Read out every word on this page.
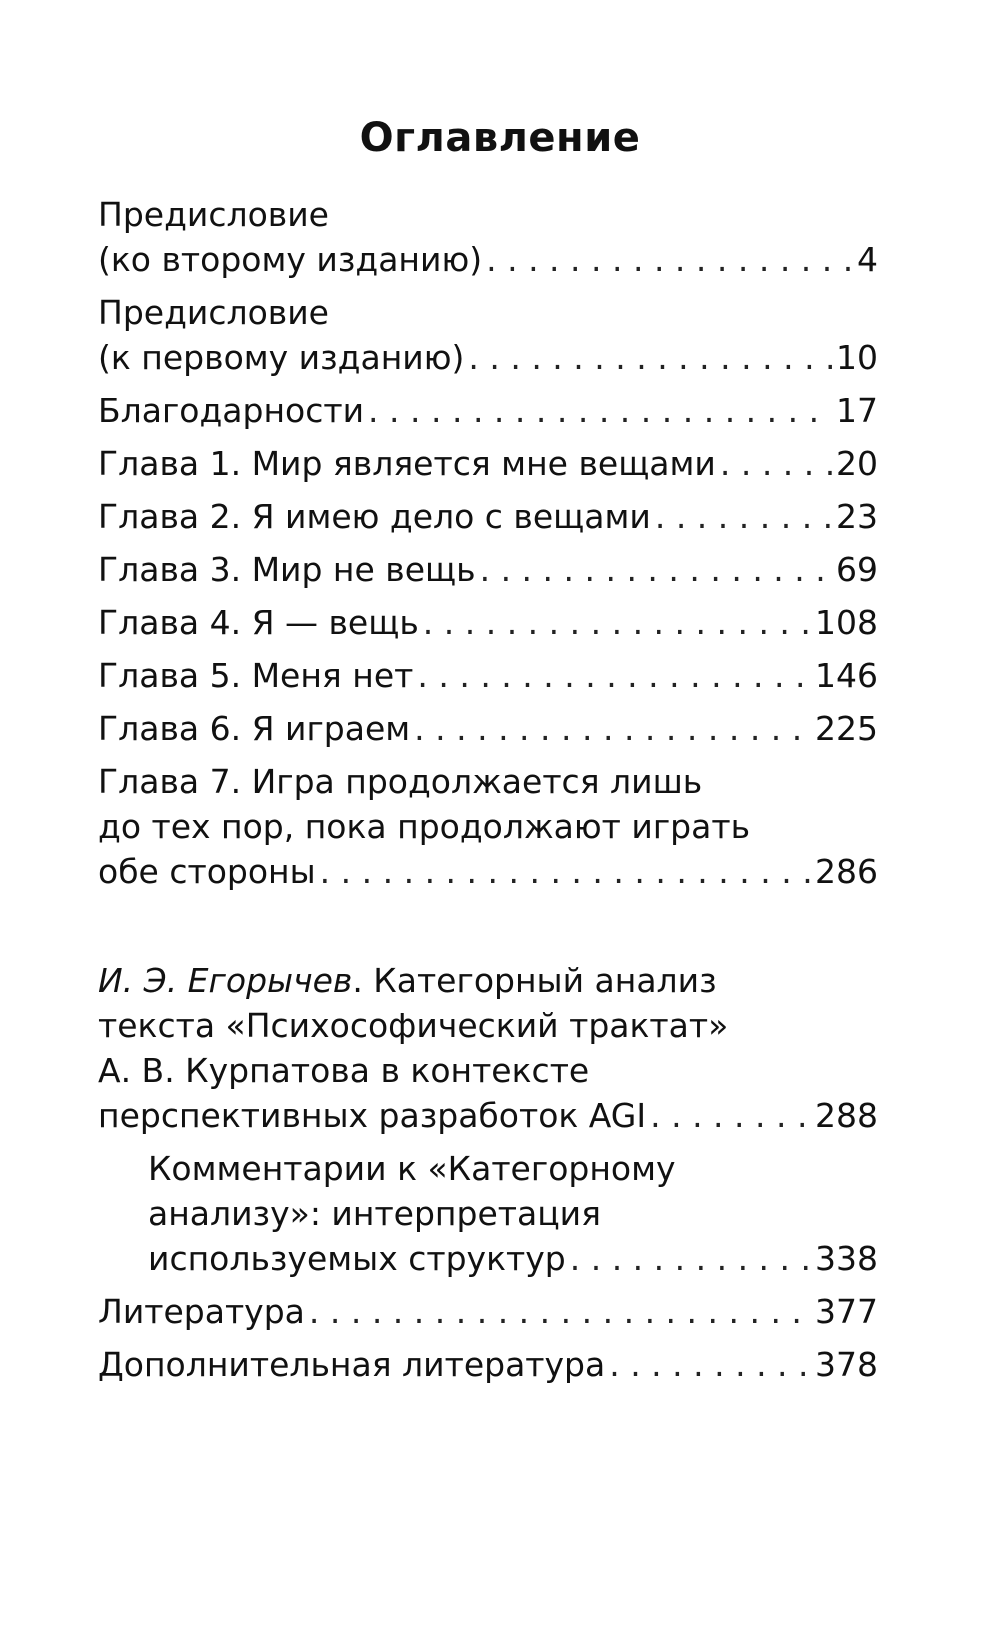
Оглавление
Предисловие
(ко второму изданию) . . .	4
Предисловие
(к первому изданию) . . .	10
Благодарности . . .	17
Глава 1. Мир является мне вещами . . .	20
Глава 2. Я имею дело с вещами . . .	23
Глава 3. Мир не вещь . . .	69
Глава 4. Я — вещь . . .	108
Глава 5. Меня нет . . .	146
Глава 6. Я играем . . .	225
Глава 7. Игра продолжается лишь
до тех пор, пока продолжают играть
обе стороны . . .	286
И. Э. Егорычев. Категорный анализ
текста «Психософический трактат»
А. В. Курпатова в контексте
перспективных разработок AGI . . .	288
Комментарии к «Категорному
анализу»: интерпретация
используемых структур . . .	338
Литература . . .	377
Дополнительная литература . . .	378
